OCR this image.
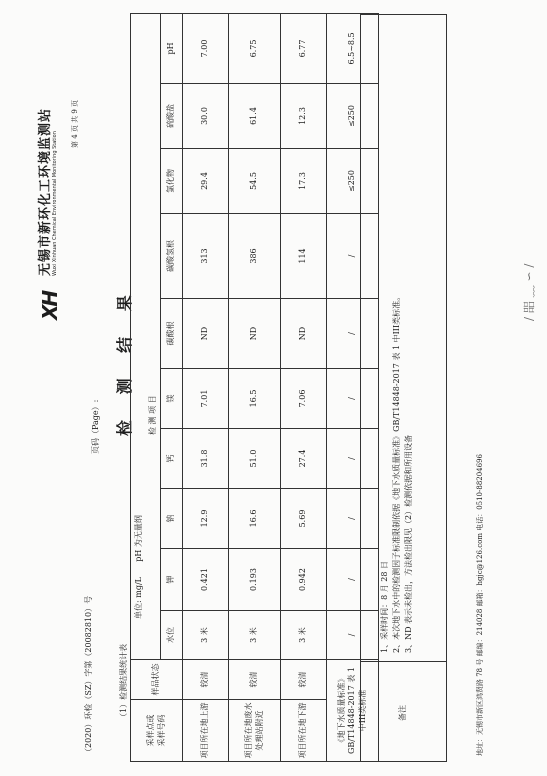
（2020）环检（SZ）字第（20082810）号
页码（Page）: 检 测 结 果
（1）检测结果统计表
XH
无锡市新环化工环境监测站 Wuxi Xinhuan Chemical Environmental Monitoring Station
第 4 页 共 9 页
采样点或
采样号码	样品状态	单位: mg/L      pH 为无量纲									
		检 测 项 目									
		水位	钾	钠	钙	镁	碳酸根	碳酸氢根	氯化物	硫酸盐	pH
项目所在地上游	较清	3 米	0.421	12.9	31.8	7.01	ND	313	29.4	30.0	7.00
项目所在地废水处理站附近	较清	3 米	0.193	16.6	51.0	16.5	ND	386	54.5	61.4	6.75
项目所在地下游	较清	3 米	0.942	5.69	27.4	7.06	ND	114	17.3	12.3	6.77
《地下水质量标准》
GB/T14848-2017 表 1 中III类标准		/	/	/	/	/	/	/	≤250	≤250	6.5~8.5
备注
1、采样时间：8 月 28 日 2、本次地下水中的检测因子标准限制依据《地下水质量标准》GB/T14848-2017 表 1 中III类标准。 3、ND 表示未检出，方法检出限见（2）检测依据和所用设备	地址：无锡市新区鸿贤路 78 号 邮编：214028 邮箱：hgjc@126.com 电话：0510-88204696
/ 㗊 ﹏ ∽ /
